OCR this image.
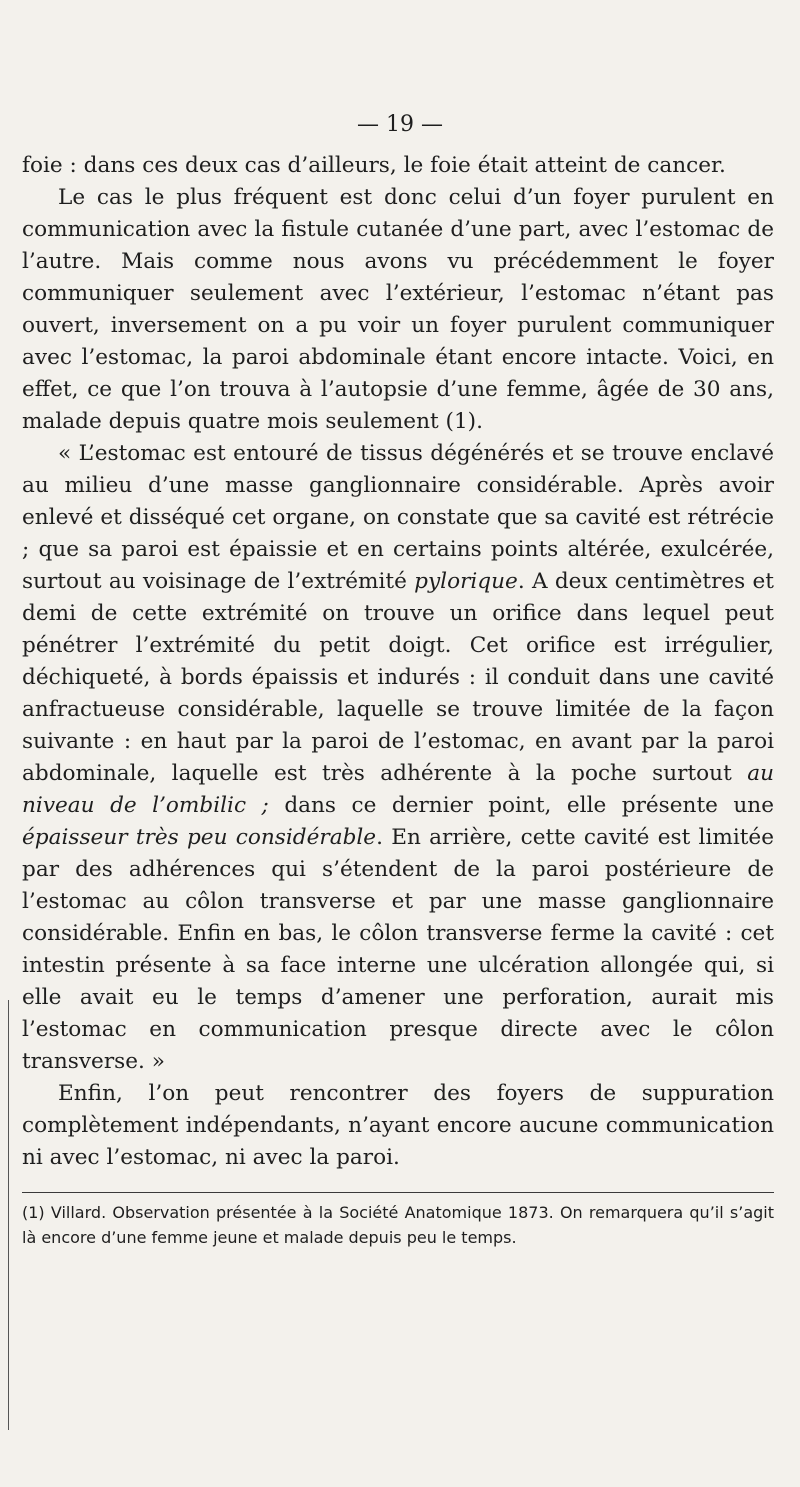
— 19 —

foie : dans ces deux cas d’ailleurs, le foie était atteint de cancer.

Le cas le plus fréquent est donc celui d’un foyer purulent en communication avec la fistule cutanée d’une part, avec l’estomac de l’autre. Mais comme nous avons vu précédemment le foyer communiquer seulement avec l’extérieur, l’estomac n’étant pas ouvert, inversement on a pu voir un foyer purulent communiquer avec l’estomac, la paroi abdominale étant encore intacte. Voici, en effet, ce que l’on trouva à l’autopsie d’une femme, âgée de 30 ans, malade depuis quatre mois seulement (1).

« L’estomac est entouré de tissus dégénérés et se trouve enclavé au milieu d’une masse ganglionnaire considérable. Après avoir enlevé et disséqué cet organe, on constate que sa cavité est rétrécie ; que sa paroi est épaissie et en certains points altérée, exulcérée, surtout au voisinage de l’extrémité pylorique. A deux centimètres et demi de cette extrémité on trouve un orifice dans lequel peut pénétrer l’extrémité du petit doigt. Cet orifice est irrégulier, déchiqueté, à bords épaissis et indurés : il conduit dans une cavité anfractueuse considérable, laquelle se trouve limitée de la façon suivante : en haut par la paroi de l’estomac, en avant par la paroi abdominale, laquelle est très adhérente à la poche surtout au niveau de l’ombilic ; dans ce dernier point, elle présente une épaisseur très peu considérable. En arrière, cette cavité est limitée par des adhérences qui s’étendent de la paroi postérieure de l’estomac au côlon transverse et par une masse ganglionnaire considérable. Enfin en bas, le côlon transverse ferme la cavité : cet intestin présente à sa face interne une ulcération allongée qui, si elle avait eu le temps d’amener une perforation, aurait mis l’estomac en communication presque directe avec le côlon transverse. »

Enfin, l’on peut rencontrer des foyers de suppuration complètement indépendants, n’ayant encore aucune communication ni avec l’estomac, ni avec la paroi.

(1) Villard. Observation présentée à la Société Anatomique 1873. On remarquera qu’il s’agit là encore d’une femme jeune et malade depuis peu le temps.
